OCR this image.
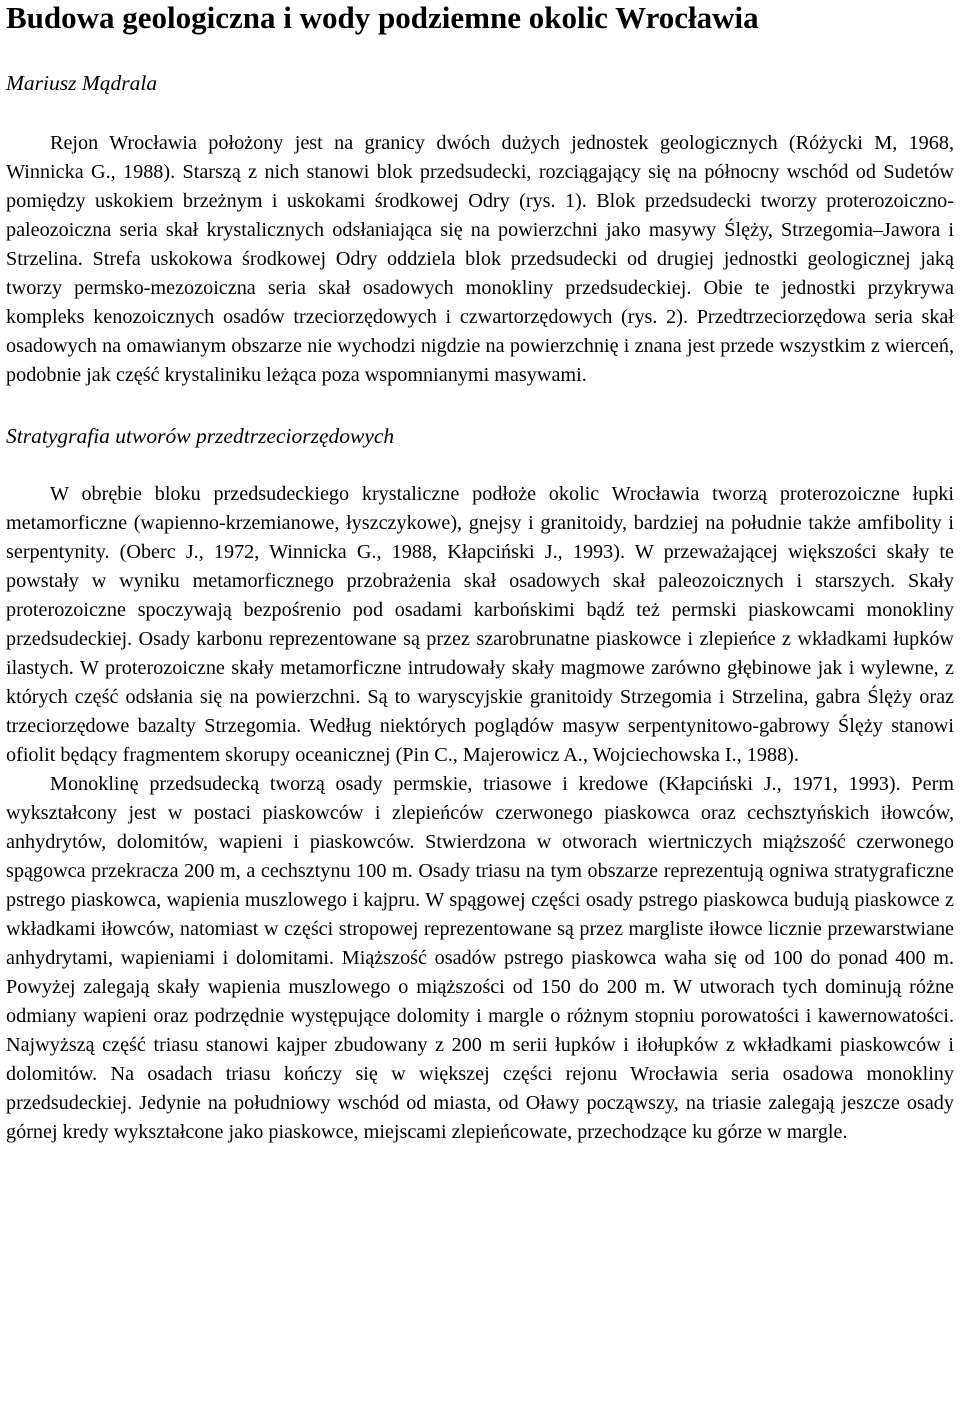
Budowa geologiczna i wody podziemne okolic Wrocławia

Mariusz Mądrala

Rejon Wrocławia położony jest na granicy dwóch dużych jednostek geologicznych (Różycki M, 1968, Winnicka G., 1988). Starszą z nich stanowi blok przedsudecki, rozciągający się na północny wschód od Sudetów pomiędzy uskokiem brzeżnym i uskokami środkowej Odry (rys. 1). Blok przedsudecki tworzy proterozoiczno-paleozoiczna seria skał krystalicznych odsłaniająca się na powierzchni jako masywy Ślęży, Strzegomia–Jawora i Strzelina. Strefa uskokowa środkowej Odry oddziela blok przedsudecki od drugiej jednostki geologicznej jaką tworzy permsko-mezozoiczna seria skał osadowych monokliny przedsudeckiej. Obie te jednostki przykrywa kompleks kenozoicznych osadów trzeciorzędowych i czwartorzędowych (rys. 2). Przedtrzeciorzędowa seria skał osadowych na omawianym obszarze nie wychodzi nigdzie na powierzchnię i znana jest przede wszystkim z wierceń, podobnie jak część krystaliniku leżąca poza wspomnianymi masywami.

Stratygrafia utworów przedtrzeciorzędowych

W obrębie bloku przedsudeckiego krystaliczne podłoże okolic Wrocławia tworzą proterozoiczne łupki metamorficzne (wapienno-krzemianowe, łyszczykowe), gnejsy i granitoidy, bardziej na południe także amfibolity i serpentynity. (Oberc J., 1972, Winnicka G., 1988, Kłapciński J., 1993). W przeważającej większości skały te powstały w wyniku metamorficznego przobrażenia skał osadowych skał paleozoicznych i starszych. Skały proterozoiczne spoczywają bezpośrenio pod osadami karbońskimi bądź też permski piaskowcami monokliny przedsudeckiej. Osady karbonu reprezentowane są przez szarobrunatne piaskowce i zlepieńce z wkładkami łupków ilastych. W proterozoiczne skały metamorficzne intrudowały skały magmowe zarówno głębinowe jak i wylewne, z których część odsłania się na powierzchni. Są to waryscyjskie granitoidy Strzegomia i Strzelina, gabra Ślęży oraz trzeciorzędowe bazalty Strzegomia. Według niektórych poglądów masyw serpentynitowo-gabrowy Ślęży stanowi ofiolit będący fragmentem skorupy oceanicznej (Pin C., Majerowicz A., Wojciechowska I., 1988).

Monoklinę przedsudecką tworzą osady permskie, triasowe i kredowe (Kłapciński J., 1971, 1993). Perm wykształcony jest w postaci piaskowców i zlepieńców czerwonego piaskowca oraz cechsztyńskich iłowców, anhydrytów, dolomitów, wapieni i piaskowców. Stwierdzona w otworach wiertniczych miąższość czerwonego spągowca przekracza 200 m, a cechsztynu 100 m. Osady triasu na tym obszarze reprezentują ogniwa stratygraficzne pstrego piaskowca, wapienia muszlowego i kajpru. W spągowej części osady pstrego piaskowca budują piaskowce z wkładkami iłowców, natomiast w części stropowej reprezentowane są przez margliste iłowce licznie przewarstwiane anhydrytami, wapieniami i dolomitami. Miąższość osadów pstrego piaskowca waha się od 100 do ponad 400 m. Powyżej zalegają skały wapienia muszlowego o miąższości od 150 do 200 m. W utworach tych dominują różne odmiany wapieni oraz podrzędnie występujące dolomity i margle o różnym stopniu porowatości i kawernowatości. Najwyższą część triasu stanowi kajper zbudowany z 200 m serii łupków i iłołupków z wkładkami piaskowców i dolomitów. Na osadach triasu kończy się w większej części rejonu Wrocławia seria osadowa monokliny przedsudeckiej. Jedynie na południowy wschód od miasta, od Oławy począwszy, na triasie zalegają jeszcze osady górnej kredy wykształcone jako piaskowce, miejscami zlepieńcowate, przechodzące ku górze w margle.
